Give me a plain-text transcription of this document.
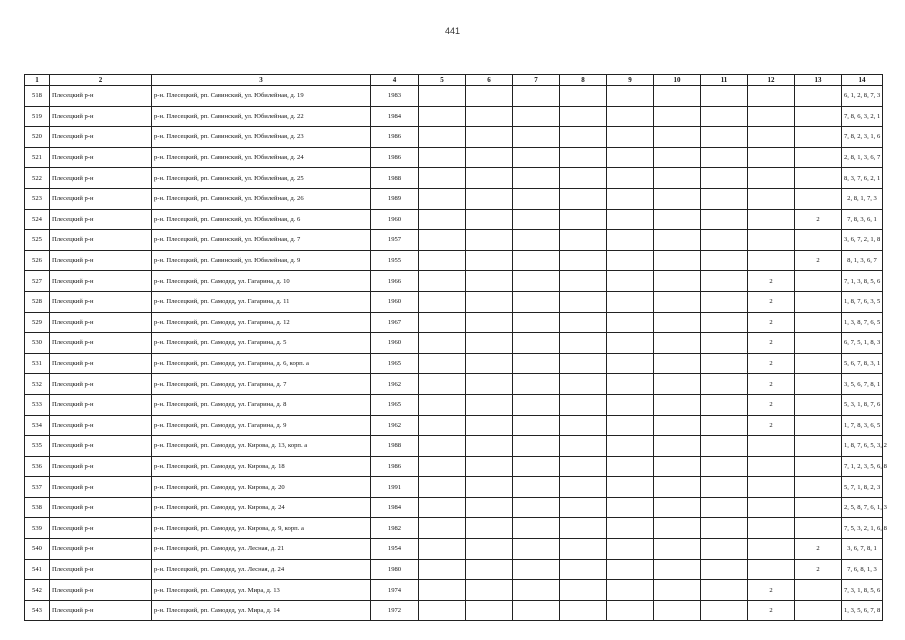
441
1	2	3	4	5	6	7	8	9	10	11	12	13	14
518	Плесецкий р-н	р-н. Плесецкий, рп. Савинский, ул. Юбилейная, д. 19	1983										6, 1, 2, 8, 7, 3
519	Плесецкий р-н	р-н. Плесецкий, рп. Савинский, ул. Юбилейная, д. 22	1984										7, 8, 6, 3, 2, 1
520	Плесецкий р-н	р-н. Плесецкий, рп. Савинский, ул. Юбилейная, д. 23	1986										7, 8, 2, 3, 1, 6
521	Плесецкий р-н	р-н. Плесецкий, рп. Савинский, ул. Юбилейная, д. 24	1986										2, 8, 1, 3, 6, 7
522	Плесецкий р-н	р-н. Плесецкий, рп. Савинский, ул. Юбилейная, д. 25	1988										8, 3, 7, 6, 2, 1
523	Плесецкий р-н	р-н. Плесецкий, рп. Савинский, ул. Юбилейная, д. 26	1989										2, 8, 1, 7, 3
524	Плесецкий р-н	р-н. Плесецкий, рп. Савинский, ул. Юбилейная, д. 6	1960									2	7, 8, 3, 6, 1
525	Плесецкий р-н	р-н. Плесецкий, рп. Савинский, ул. Юбилейная, д. 7	1957										3, 6, 7, 2, 1, 8
526	Плесецкий р-н	р-н. Плесецкий, рп. Савинский, ул. Юбилейная, д. 9	1955									2	8, 1, 3, 6, 7
527	Плесецкий р-н	р-н. Плесецкий, рп. Самодед, ул. Гагарина, д. 10	1966								2		7, 1, 3, 8, 5, 6
528	Плесецкий р-н	р-н. Плесецкий, рп. Самодед, ул. Гагарина, д. 11	1960								2		1, 8, 7, 6, 3, 5
529	Плесецкий р-н	р-н. Плесецкий, рп. Самодед, ул. Гагарина, д. 12	1967								2		1, 3, 8, 7, 6, 5
530	Плесецкий р-н	р-н. Плесецкий, рп. Самодед, ул. Гагарина, д. 5	1960								2		6, 7, 5, 1, 8, 3
531	Плесецкий р-н	р-н. Плесецкий, рп. Самодед, ул. Гагарина, д. 6, корп. а	1965								2		5, 6, 7, 8, 3, 1
532	Плесецкий р-н	р-н. Плесецкий, рп. Самодед, ул. Гагарина, д. 7	1962								2		3, 5, 6, 7, 8, 1
533	Плесецкий р-н	р-н. Плесецкий, рп. Самодед, ул. Гагарина, д. 8	1965								2		5, 3, 1, 8, 7, 6
534	Плесецкий р-н	р-н. Плесецкий, рп. Самодед, ул. Гагарина, д. 9	1962								2		1, 7, 8, 3, 6, 5
535	Плесецкий р-н	р-н. Плесецкий, рп. Самодед, ул. Кирова, д. 13, корп. а	1988										1, 8, 7, 6, 5, 3, 2
536	Плесецкий р-н	р-н. Плесецкий, рп. Самодед, ул. Кирова, д. 18	1986										7, 1, 2, 3, 5, 6, 8
537	Плесецкий р-н	р-н. Плесецкий, рп. Самодед, ул. Кирова, д. 20	1991										5, 7, 1, 8, 2, 3
538	Плесецкий р-н	р-н. Плесецкий, рп. Самодед, ул. Кирова, д. 24	1984										2, 5, 8, 7, 6, 1, 3
539	Плесецкий р-н	р-н. Плесецкий, рп. Самодед, ул. Кирова, д. 9, корп. а	1982										7, 5, 3, 2, 1, 6, 8
540	Плесецкий р-н	р-н. Плесецкий, рп. Самодед, ул. Лесная, д. 21	1954									2	3, 6, 7, 8, 1
541	Плесецкий р-н	р-н. Плесецкий, рп. Самодед, ул. Лесная, д. 24	1980									2	7, 6, 8, 1, 3
542	Плесецкий р-н	р-н. Плесецкий, рп. Самодед, ул. Мира, д. 13	1974								2		7, 3, 1, 8, 5, 6
543	Плесецкий р-н	р-н. Плесецкий, рп. Самодед, ул. Мира, д. 14	1972								2		1, 3, 5, 6, 7, 8
